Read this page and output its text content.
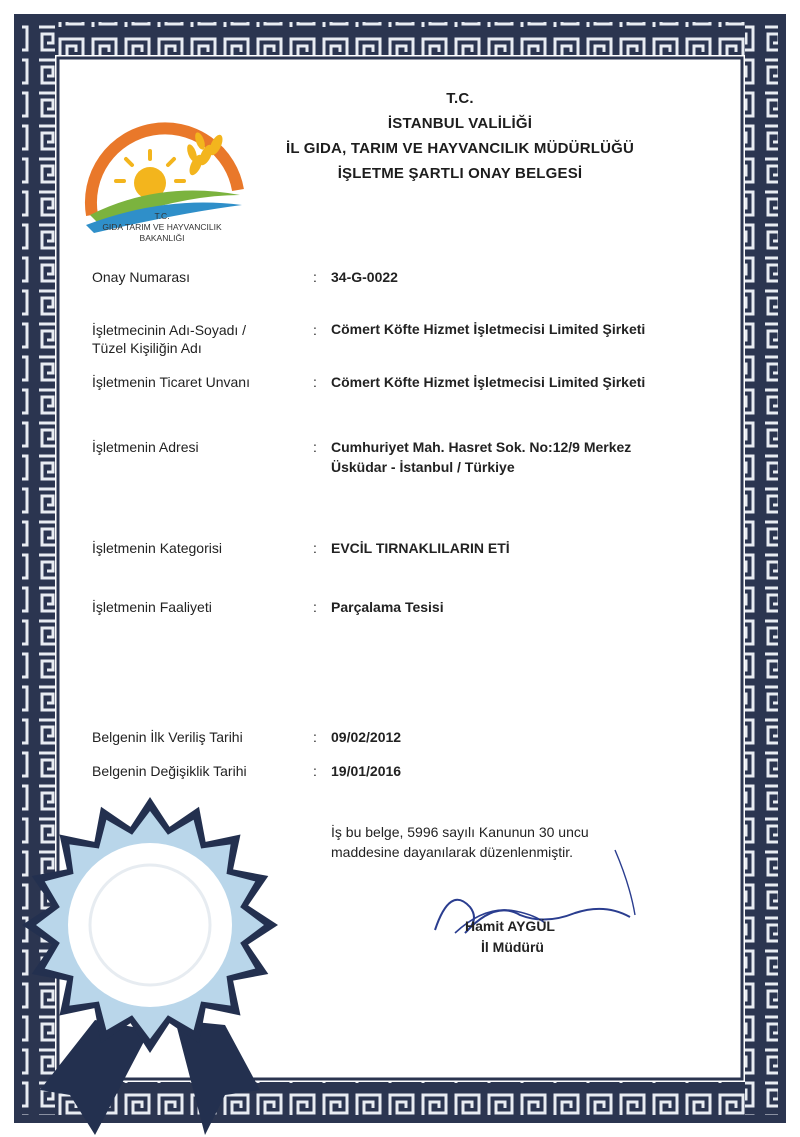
T.C.
GIDA TARIM VE HAYVANCILIK
BAKANLIĞI
T.C.
İSTANBUL VALİLİĞİ
İL GIDA, TARIM VE HAYVANCILIK MÜDÜRLÜĞÜ
İŞLETME ŞARTLI ONAY BELGESİ
Onay Numarası	: 34-G-0022
İşletmecinin Adı-Soyadı /
Tüzel Kişiliğin Adı
: Cömert Köfte Hizmet İşletmecisi Limited Şirketi
İşletmenin Ticaret Unvanı	: Cömert Köfte Hizmet İşletmecisi Limited Şirketi
İşletmenin Adresi	: Cumhuriyet Mah. Hasret Sok. No:12/9 Merkez
Üsküdar - İstanbul / Türkiye
İşletmenin Kategorisi	: EVCİL TIRNAKLILARIN ETİ
İşletmenin Faaliyeti	: Parçalama Tesisi
Belgenin İlk Veriliş Tarihi	: 09/02/2012
Belgenin Değişiklik Tarihi	: 19/01/2016
İş bu belge, 5996 sayılı Kanunun 30 uncu
maddesine dayanılarak düzenlenmiştir.
Hamit AYGÜL
İl Müdürü
